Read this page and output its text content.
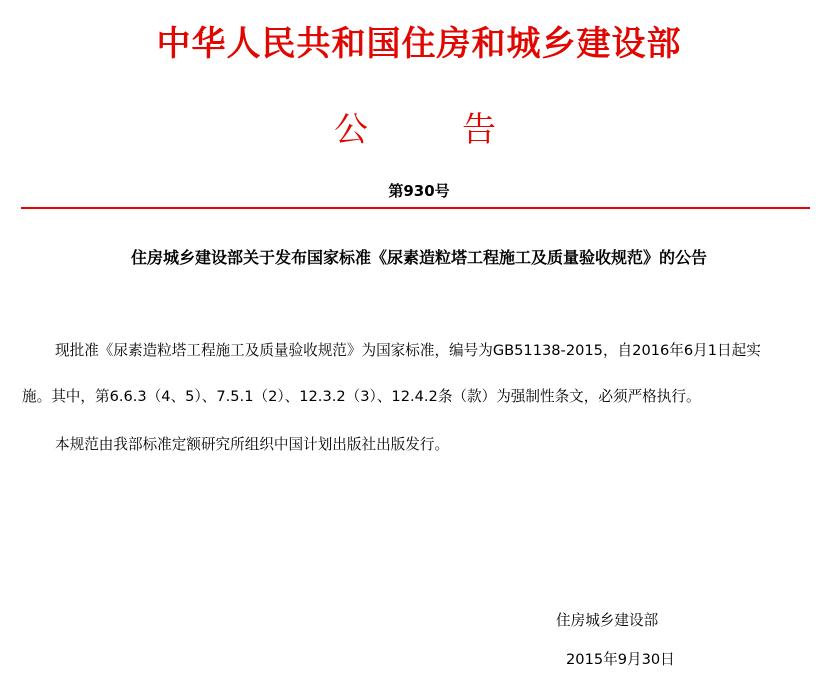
中华人民共和国住房和城乡建设部
公	告
第930号
住房城乡建设部关于发布国家标准《尿素造粒塔工程施工及质量验收规范》的公告
现批准《尿素造粒塔工程施工及质量验收规范》为国家标准，编号为GB51138-2015，自2016年6月1日起实
施。其中，第6.6.3（4、5）、7.5.1（2）、12.3.2（3）、12.4.2条（款）为强制性条文，必须严格执行。
本规范由我部标准定额研究所组织中国计划出版社出版发行。
住房城乡建设部
2015年9月30日
